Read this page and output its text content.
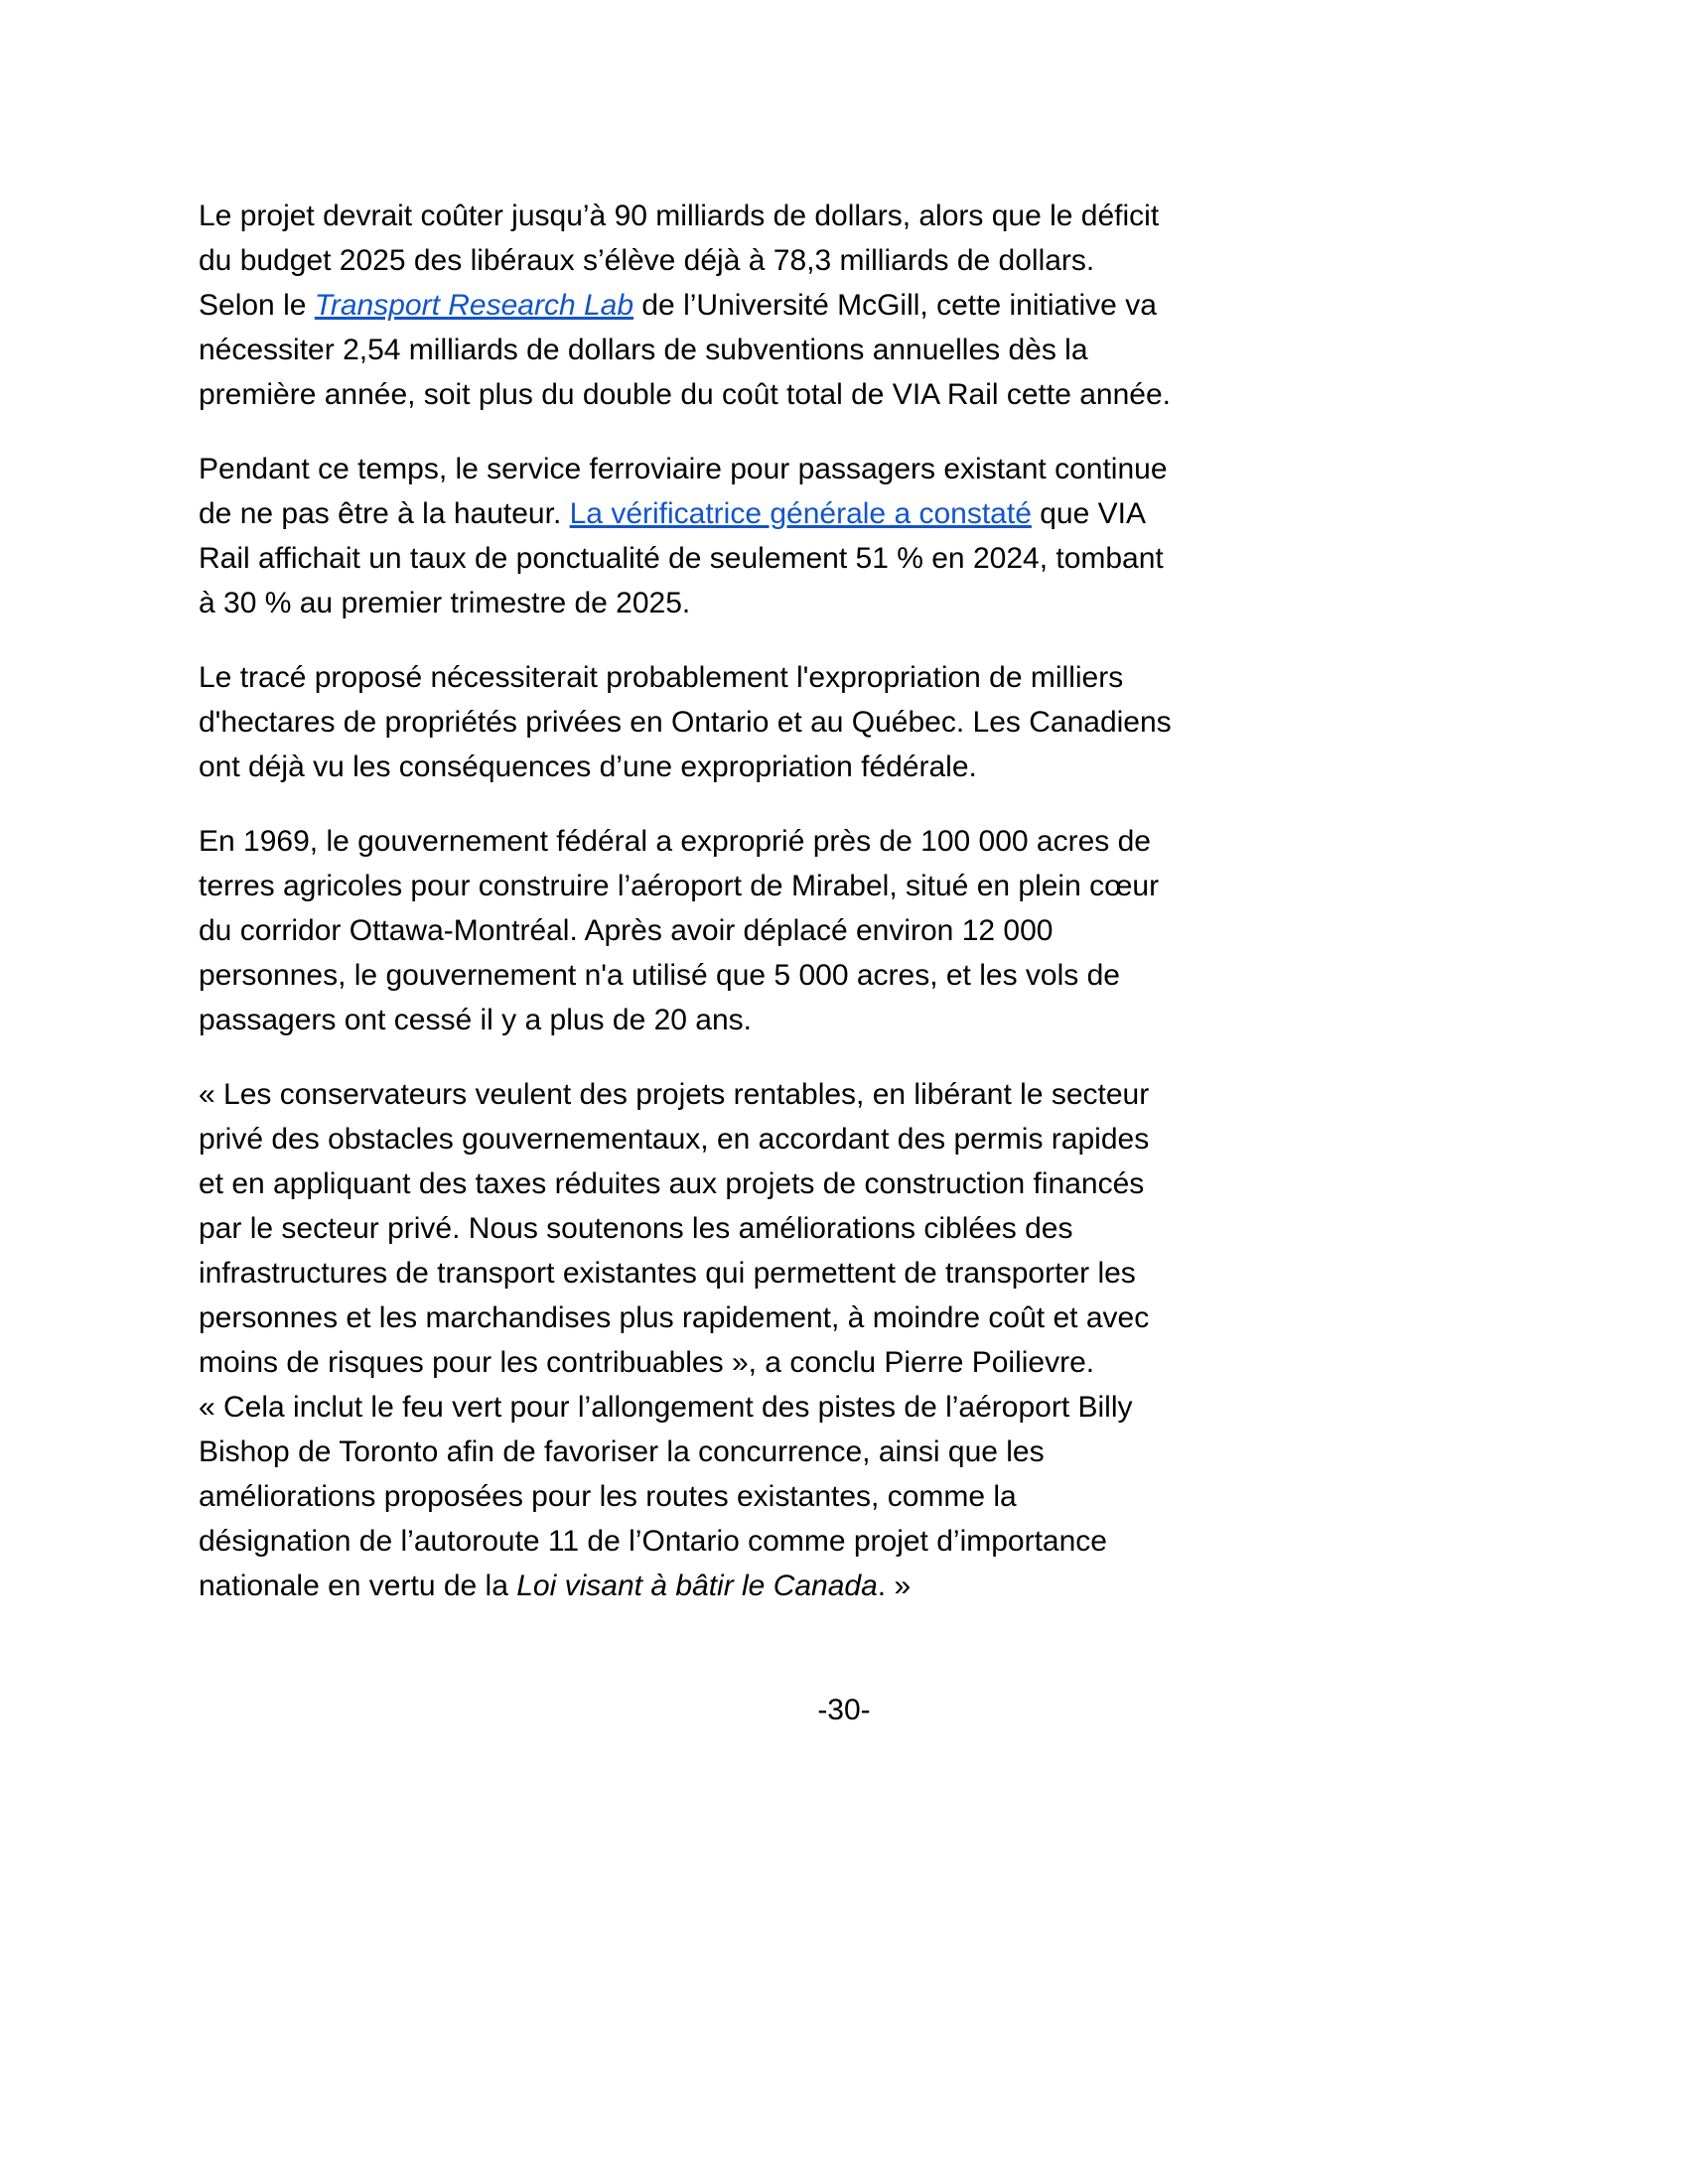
Le projet devrait coûter jusqu’à 90 milliards de dollars, alors que le déficit du budget 2025 des libéraux s’élève déjà à 78,3 milliards de dollars. Selon le Transport Research Lab de l’Université McGill, cette initiative va nécessiter 2,54 milliards de dollars de subventions annuelles dès la première année, soit plus du double du coût total de VIA Rail cette année.

Pendant ce temps, le service ferroviaire pour passagers existant continue de ne pas être à la hauteur. La vérificatrice générale a constaté que VIA Rail affichait un taux de ponctualité de seulement 51 % en 2024, tombant à 30 % au premier trimestre de 2025.

Le tracé proposé nécessiterait probablement l'expropriation de milliers d'hectares de propriétés privées en Ontario et au Québec. Les Canadiens ont déjà vu les conséquences d’une expropriation fédérale.

En 1969, le gouvernement fédéral a exproprié près de 100 000 acres de terres agricoles pour construire l’aéroport de Mirabel, situé en plein cœur du corridor Ottawa-Montréal. Après avoir déplacé environ 12 000 personnes, le gouvernement n'a utilisé que 5 000 acres, et les vols de passagers ont cessé il y a plus de 20 ans.

« Les conservateurs veulent des projets rentables, en libérant le secteur privé des obstacles gouvernementaux, en accordant des permis rapides et en appliquant des taxes réduites aux projets de construction financés par le secteur privé. Nous soutenons les améliorations ciblées des infrastructures de transport existantes qui permettent de transporter les personnes et les marchandises plus rapidement, à moindre coût et avec moins de risques pour les contribuables », a conclu Pierre Poilievre. « Cela inclut le feu vert pour l’allongement des pistes de l’aéroport Billy Bishop de Toronto afin de favoriser la concurrence, ainsi que les améliorations proposées pour les routes existantes, comme la désignation de l’autoroute 11 de l’Ontario comme projet d’importance nationale en vertu de la Loi visant à bâtir le Canada. »

-30-
